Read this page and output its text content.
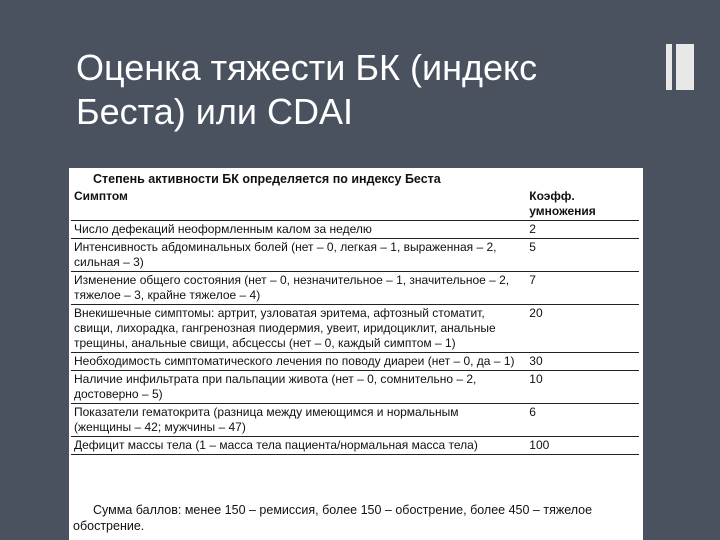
Оценка тяжести БК (индекс
Беста) или CDAI
Степень активности БК определяется по индексу Беста
Симптом	Коэфф. умножения
Число дефекаций неоформленным калом за неделю	2
Интенсивность абдоминальных болей (нет – 0, легкая – 1, выраженная – 2, сильная – 3)	5
Изменение общего состояния (нет – 0, незначительное – 1, значительное – 2, тяжелое – 3, крайне тяжелое – 4)	7
Внекишечные симптомы: артрит, узловатая эритема, афтозный стоматит, свищи, лихорадка, гангренозная пиодермия, увеит, иридоциклит, анальные трещины, анальные свищи, абсцессы (нет – 0, каждый симптом – 1)	20
Необходимость симптоматического лечения по поводу диареи (нет – 0, да – 1)	30
Наличие инфильтрата при пальпации живота (нет – 0, сомнительно – 2, достоверно – 5)	10
Показатели гематокрита (разница между имеющимся и нормальным (женщины – 42; мужчины – 47)	6
Дефицит массы тела (1 – масса тела пациента/нормальная масса тела)	100
Сумма баллов: менее 150 – ремиссия, более 150 – обострение, более 450 – тяжелое обострение.
